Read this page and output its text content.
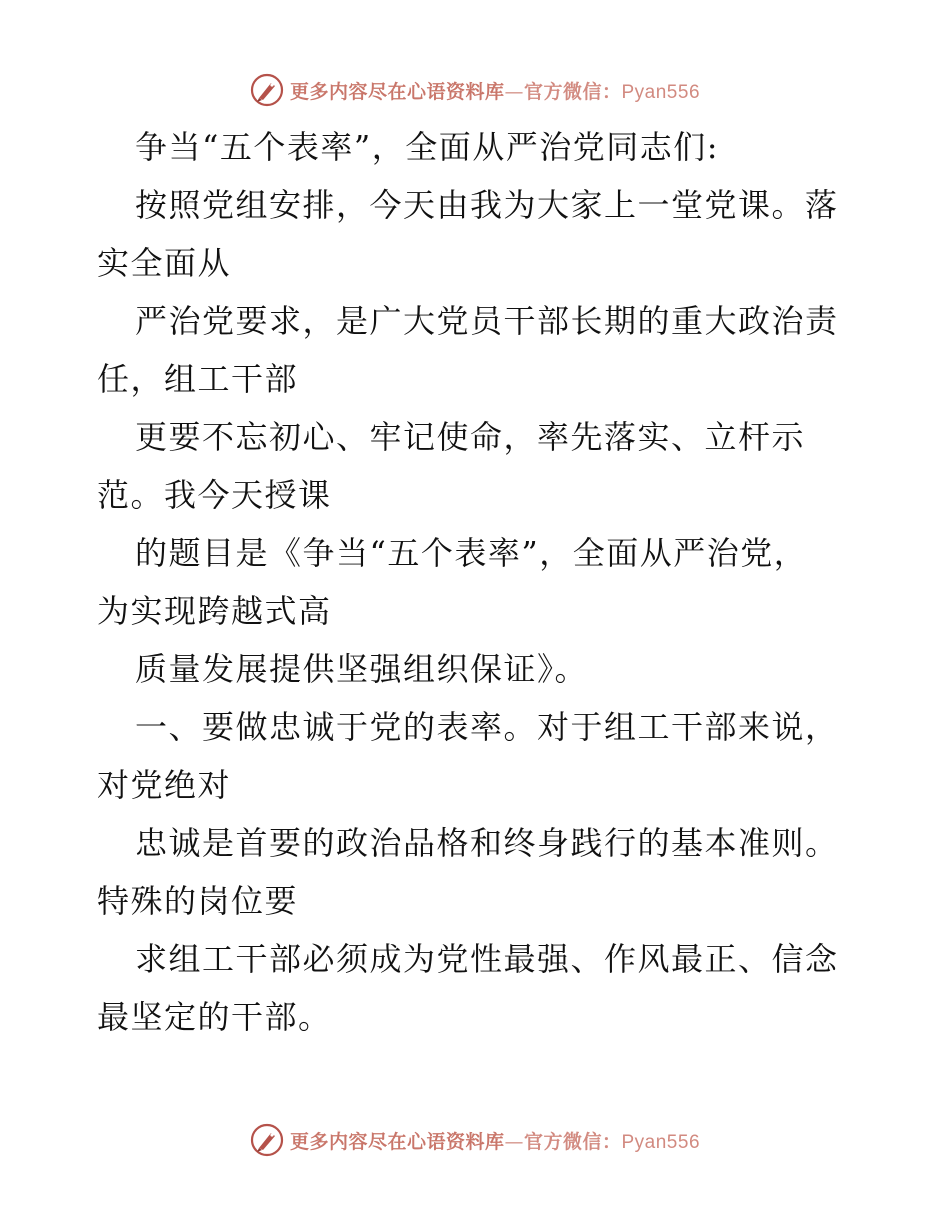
更多内容尽在心语资料库—官方微信：Pyan556
争当“五个表率”，全面从严治党同志们:
按照党组安排，今天由我为大家上一堂党课。落
实全面从
严治党要求，是广大党员干部长期的重大政治责
任，组工干部
更要不忘初心、牢记使命，率先落实、立杆示
范。我今天授课
的题目是《争当“五个表率”，全面从严治党，
为实现跨越式高
质量发展提供坚强组织保证》。
一、要做忠诚于党的表率。对于组工干部来说，
对党绝对
忠诚是首要的政治品格和终身践行的基本准则。
特殊的岗位要
求组工干部必须成为党性最强、作风最正、信念
最坚定的干部。
更多内容尽在心语资料库—官方微信：Pyan556
